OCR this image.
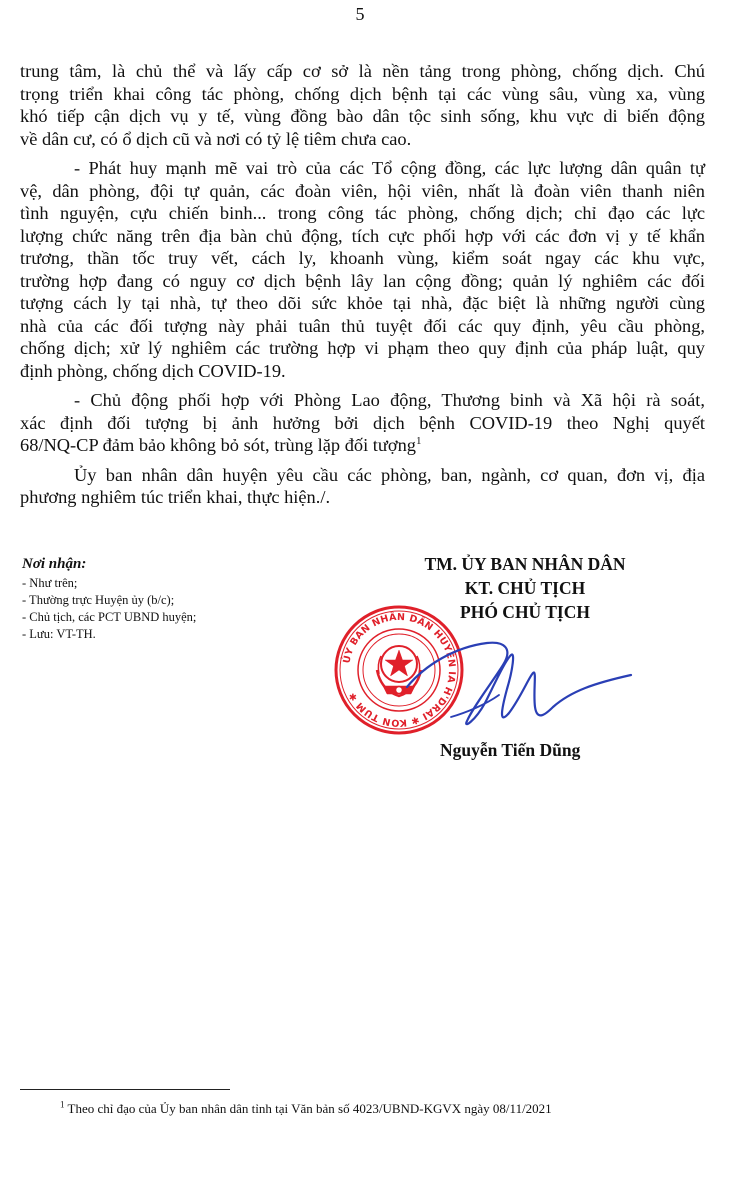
5

trung tâm, là chủ thể và lấy cấp cơ sở là nền tảng trong phòng, chống dịch. Chú
trọng triển khai công tác phòng, chống dịch bệnh tại các vùng sâu, vùng xa, vùng
khó tiếp cận dịch vụ y tế, vùng đồng bào dân tộc sinh sống, khu vực di biến động
về dân cư, có ổ dịch cũ và nơi có tỷ lệ tiêm chưa cao.

- Phát huy mạnh mẽ vai trò của các Tổ cộng đồng, các lực lượng dân quân tự
vệ, dân phòng, đội tự quản, các đoàn viên, hội viên, nhất là đoàn viên thanh niên
tình nguyện, cựu chiến binh... trong công tác phòng, chống dịch; chỉ đạo các lực
lượng chức năng trên địa bàn chủ động, tích cực phối hợp với các đơn vị y tế khẩn
trương, thần tốc truy vết, cách ly, khoanh vùng, kiểm soát ngay các khu vực,
trường hợp đang có nguy cơ dịch bệnh lây lan cộng đồng; quản lý nghiêm các đối
tượng cách ly tại nhà, tự theo dõi sức khỏe tại nhà, đặc biệt là những người cùng
nhà của các đối tượng này phải tuân thủ tuyệt đối các quy định, yêu cầu phòng,
chống dịch; xử lý nghiêm các trường hợp vi phạm theo quy định của pháp luật, quy
định phòng, chống dịch COVID-19.

- Chủ động phối hợp với Phòng Lao động, Thương binh và Xã hội rà soát,
xác định đối tượng bị ảnh hưởng bởi dịch bệnh COVID-19 theo Nghị quyết
68/NQ-CP đảm bảo không bỏ sót, trùng lặp đối tượng$^1$

Ủy ban nhân dân huyện yêu cầu các phòng, ban, ngành, cơ quan, đơn vị, địa
phương nghiêm túc triển khai, thực hiện./.

Nơi nhận:
- Như trên;
- Thường trực Huyện ủy (b/c);
- Chủ tịch, các PCT UBND huyện;
- Lưu: VT-TH.
TM. ỦY BAN NHÂN DÂN
KT. CHỦ TỊCH
PHÓ CHỦ TỊCH
ỦY BAN NHÂN DÂN HUYỆN IA H'DRAI ✱ KON TUM ✱
Nguyễn Tiến Dũng
$^1$ Theo chỉ đạo của Ủy ban nhân dân tỉnh tại Văn bản số 4023/UBND-KGVX ngày 08/11/2021
